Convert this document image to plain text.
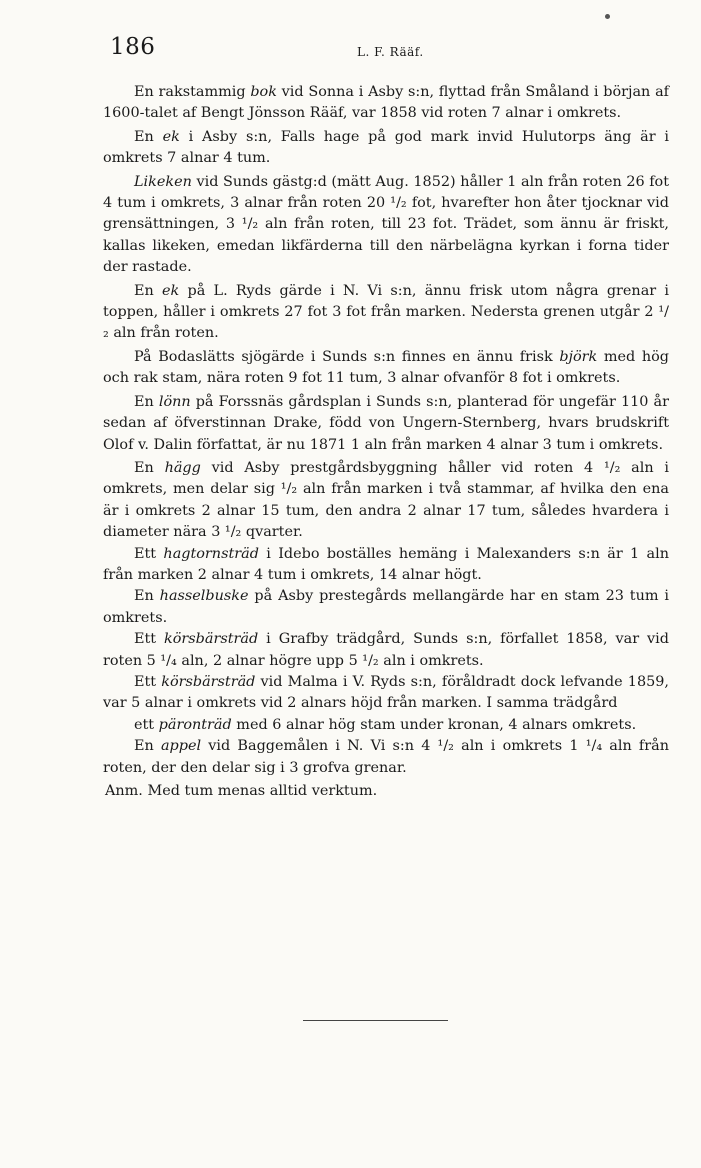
186	L. F. Rääf.

En rakstammig bok vid Sonna i Asby s:n, flyttad från Småland i början af 1600-talet af Bengt Jönsson Rääf, var 1858 vid roten 7 alnar i omkrets.

En ek i Asby s:n, Falls hage på god mark invid Hulutorps äng är i omkrets 7 alnar 4 tum.

Likeken vid Sunds gästg:d (mätt Aug. 1852) håller 1 aln från roten 26 fot 4 tum i omkrets, 3 alnar från roten 20 ¹/₂ fot, hvarefter hon åter tjocknar vid grensättningen, 3 ¹/₂ aln från roten, till 23 fot. Trädet, som ännu är friskt, kallas likeken, emedan likfärderna till den närbelägna kyrkan i forna tider der rastade.

En ek på L. Ryds gärde i N. Vi s:n, ännu frisk utom några grenar i toppen, håller i omkrets 27 fot 3 fot från marken. Nedersta grenen utgår 2 ¹/₂ aln från roten.

På Bodaslätts sjögärde i Sunds s:n finnes en ännu frisk björk med hög och rak stam, nära roten 9 fot 11 tum, 3 alnar ofvanför 8 fot i omkrets.

En lönn på Forssnäs gårdsplan i Sunds s:n, planterad för ungefär 110 år sedan af öfverstinnan Drake, född von Ungern-Sternberg, hvars brudskrift Olof v. Dalin författat, är nu 1871 1 aln från marken 4 alnar 3 tum i omkrets.

En hägg vid Asby prestgårdsbyggning håller vid roten 4 ¹/₂ aln i omkrets, men delar sig ¹/₂ aln från marken i två stammar, af hvilka den ena är i omkrets 2 alnar 15 tum, den andra 2 alnar 17 tum, således hvardera i diameter nära 3 ¹/₂ qvarter.

Ett hagtornsträd i Idebo boställes hemäng i Malexanders s:n är 1 aln från marken 2 alnar 4 tum i omkrets, 14 alnar högt.

En hasselbuske på Asby prestegårds mellangärde har en stam 23 tum i omkrets.

Ett körsbärsträd i Grafby trädgård, Sunds s:n, förfallet 1858, var vid roten 5 ¹/₄ aln, 2 alnar högre upp 5 ¹/₂ aln i omkrets.

Ett körsbärsträd vid Malma i V. Ryds s:n, föråldradt dock lefvande 1859, var 5 alnar i omkrets vid 2 alnars höjd från marken. I samma trädgård

ett päronträd med 6 alnar hög stam under kronan, 4 alnars omkrets.

En appel vid Baggemålen i N. Vi s:n 4 ¹/₂ aln i omkrets 1 ¹/₄ aln från roten, der den delar sig i 3 grofva grenar.

Anm. Med tum menas alltid verktum.
